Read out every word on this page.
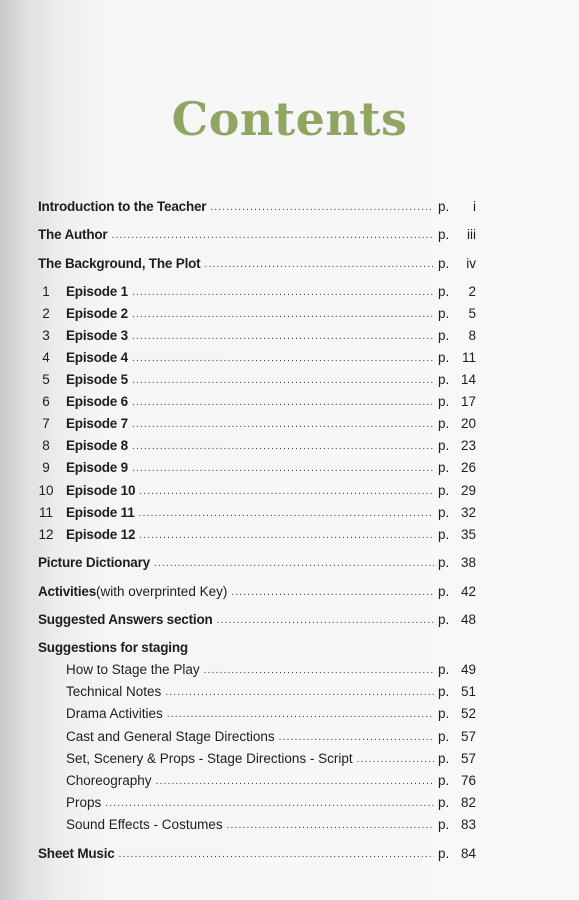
Contents
Introduction to the Teacher .....	p. i
The Author .....	p. iii
The Background, The Plot .....	p. iv
1	Episode 1 .....	p. 2
2	Episode 2 .....	p. 5
3	Episode 3 .....	p. 8
4	Episode 4 .....	p. 11
5	Episode 5 .....	p. 14
6	Episode 6 .....	p. 17
7	Episode 7 .....	p. 20
8	Episode 8 .....	p. 23
9	Episode 9 .....	p. 26
10 Episode 10 .....	p. 29
11 Episode 11 .....	p. 32
12 Episode 12 .....	p. 35
Picture Dictionary .....	p. 38
Activities (with overprinted Key) .....	p. 42
Suggested Answers section .....	p. 48
Suggestions for staging
How to Stage the Play .....	p. 49
Technical Notes .....	p. 51
Drama Activities .....	p. 52
Cast and General Stage Directions .....	p. 57
Set, Scenery & Props - Stage Directions - Script .....	p. 57
Choreography .....	p. 76
Props .....	p. 82
Sound Effects - Costumes .....	p. 83
Sheet Music .....	p. 84
